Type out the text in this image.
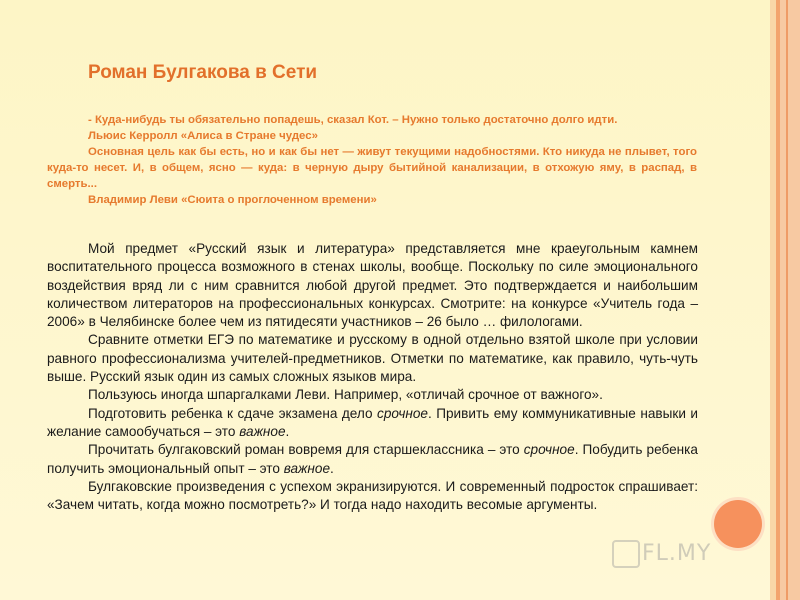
Роман Булгакова в Сети

- Куда-нибудь ты обязательно попадешь, сказал Кот. – Нужно только достаточно долго идти.

Льюис Керролл «Алиса в Стране чудес»

Основная цель как бы есть, но и как бы нет — живут текущими надобностями. Кто никуда не плывет, того куда-то несет. И, в общем, ясно — куда: в черную дыру бытийной канализации, в отхожую яму, в распад, в смерть...

Владимир Леви «Сюита о проглоченном времени»

Мой предмет «Русский язык и литература» представляется мне краеугольным камнем воспитательного процесса возможного в стенах школы, вообще. Поскольку по силе эмоционального воздействия вряд ли с ним сравнится любой другой предмет. Это подтверждается и наибольшим количеством литераторов на профессиональных конкурсах. Смотрите: на конкурсе «Учитель года – 2006» в Челябинске более чем из пятидесяти участников – 26 было … филологами.

Сравните отметки ЕГЭ по математике и русскому в одной отдельно взятой школе при условии равного профессионализма учителей-предметников. Отметки по математике, как правило, чуть-чуть выше. Русский язык один из самых сложных языков мира.

Пользуюсь иногда шпаргалками Леви. Например, «отличай срочное от важного».

Подготовить ребенка к сдаче экзамена дело срочное. Привить ему коммуникативные навыки и желание самообучаться – это важное.

Прочитать булгаковский роман вовремя для старшеклассника – это срочное. Побудить ребенка получить эмоциональный опыт – это важное.

Булгаковские произведения с успехом экранизируются. И современный подросток спрашивает: «Зачем читать, когда можно посмотреть?» И тогда надо находить весомые аргументы.

FL.MY
